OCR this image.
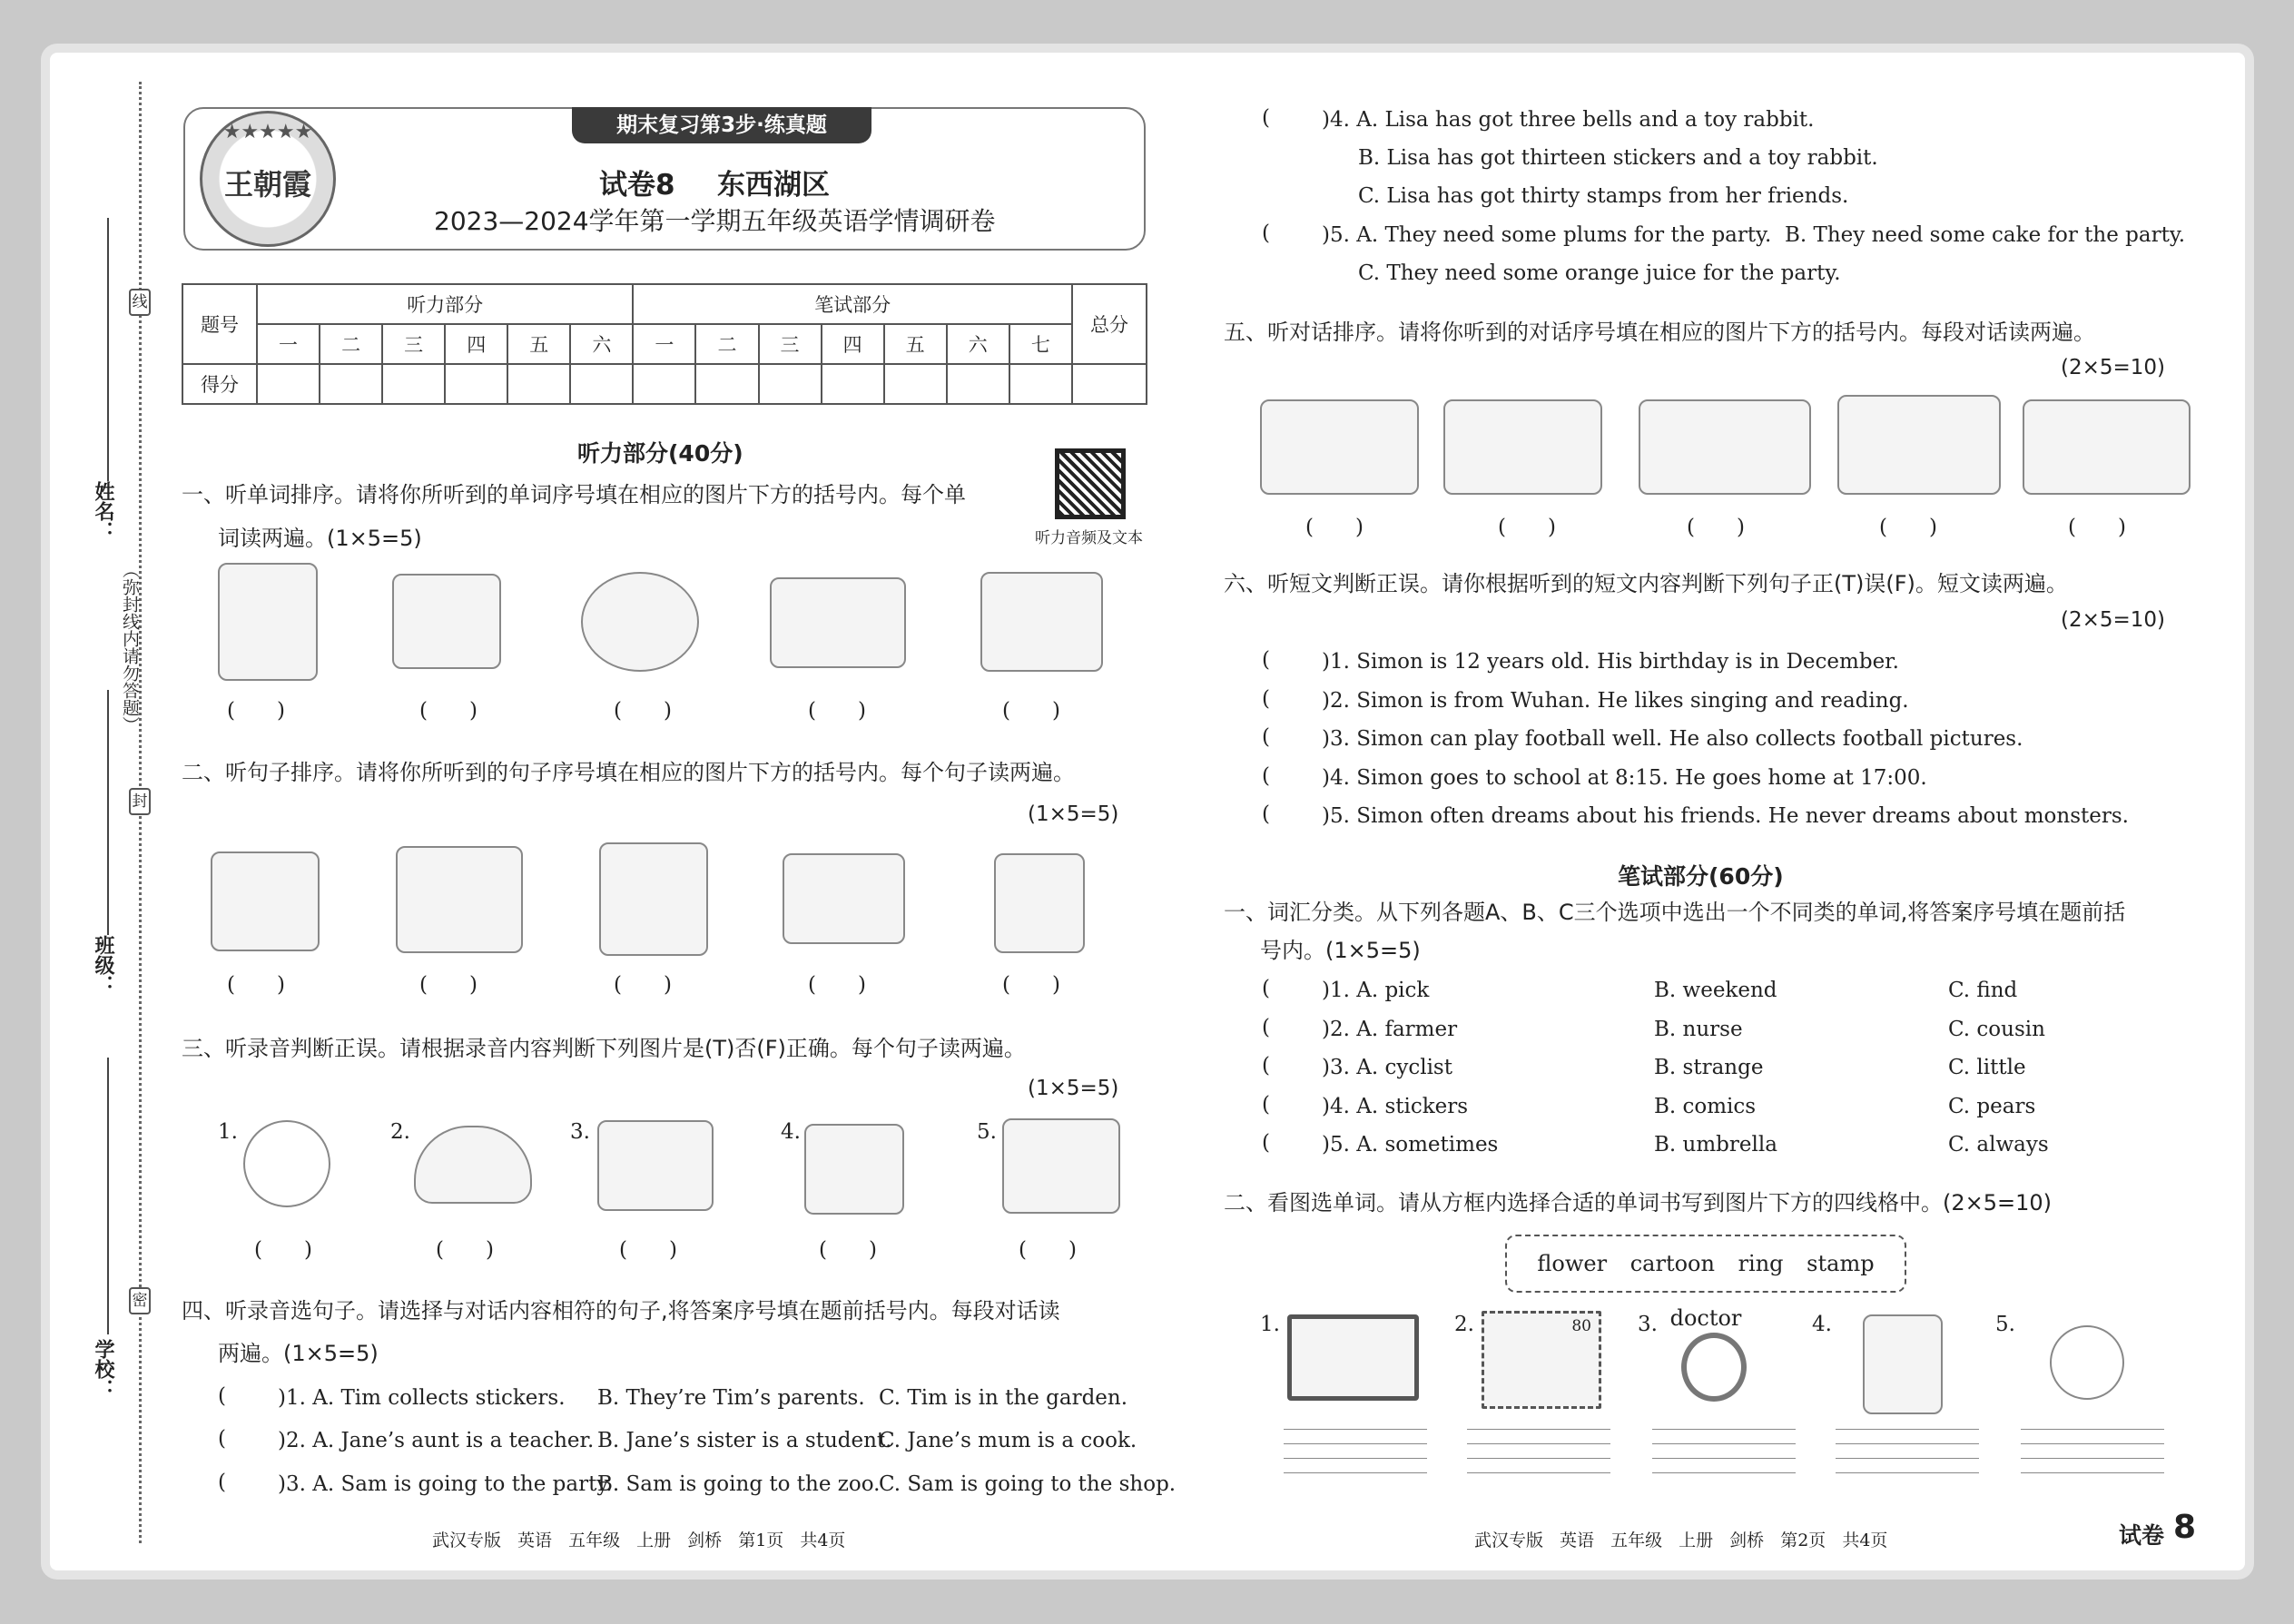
线
封
密
（弥封线内请勿答题）
姓名：
班级：
学校：
★★★★★
王朝霞
期末复习第3步·练真题
试卷8 东西湖区
2023—2024学年第一学期五年级英语学情调研卷
题号	听力部分						笔试部分							总分
	一	二	三	四	五	六	一	二	三	四	五	六	七	
得分														
听力部分(40分)
听力音频及文本
一、听单词排序。请将你所听到的单词序号填在相应的图片下方的括号内。每个单
词读两遍。(1×5=5)
(　　)	(　　)	(　　)	(　　)	(　　)
二、听句子排序。请将你所听到的句子序号填在相应的图片下方的括号内。每个句子读两遍。
(1×5=5)
(　　)	(　　)	(　　)	(　　)	(　　)
三、听录音判断正误。请根据录音内容判断下列图片是(T)否(F)正确。每个句子读两遍。
(1×5=5)
1.	2.	3.	4.	5.
(　　)	(　　)	(　　)	(　　)	(　　)
四、听录音选句子。请选择与对话内容相符的句子,将答案序号填在题前括号内。每段对话读
两遍。(1×5=5)
( )1. A. Tim collects stickers. B. They’re Tim’s parents. C. Tim is in the garden.
( )2. A. Jane’s aunt is a teacher. B. Jane’s sister is a student.
C. Jane’s mum is a cook.
( )3. A. Sam is going to the party.
B. Sam is going to the zoo.
C. Sam is going to the shop.
武汉专版 英语 五年级 上册 剑桥 第1页 共4页
( )4. A. Lisa has got three bells and a toy rabbit.
B. Lisa has got thirteen stickers and a toy rabbit.
C. Lisa has got thirty stamps from her friends.
( )5. A. They need some plums for the party. B. They need some cake for the party.
C. They need some orange juice for the party.
五、听对话排序。请将你听到的对话序号填在相应的图片下方的括号内。每段对话读两遍。
(2×5=10)
(　　)	(　　)	(　　)	(　　)	(　　)
六、听短文判断正误。请你根据听到的短文内容判断下列句子正(T)误(F)。短文读两遍。
(2×5=10)
( )1. Simon is 12 years old. His birthday is in December.
( )2. Simon is from Wuhan. He likes singing and reading.
( )3. Simon can play football well. He also collects football pictures.
( )4. Simon goes to school at 8:15. He goes home at 17:00.
( )5. Simon often dreams about his friends. He never dreams about monsters.
笔试部分(60分)
一、词汇分类。从下列各题A、B、C三个选项中选出一个不同类的单词,将答案序号填在题前括
号内。(1×5=5)
( )1. A. pick	B. weekend	C. find
( )2. A. farmer	B. nurse	C. cousin
( )3. A. cyclist	B. strange	C. little
( )4. A. stickers	B. comics	C. pears
( )5. A. sometimes	B. umbrella	C. always
二、看图选单词。请从方框内选择合适的单词书写到图片下方的四线格中。(2×5=10)
flower cartoon ring stamp doctor
1.	2.	80 3.	4.	5.
武汉专版 英语 五年级 上册 剑桥 第2页 共4页	试卷 8
